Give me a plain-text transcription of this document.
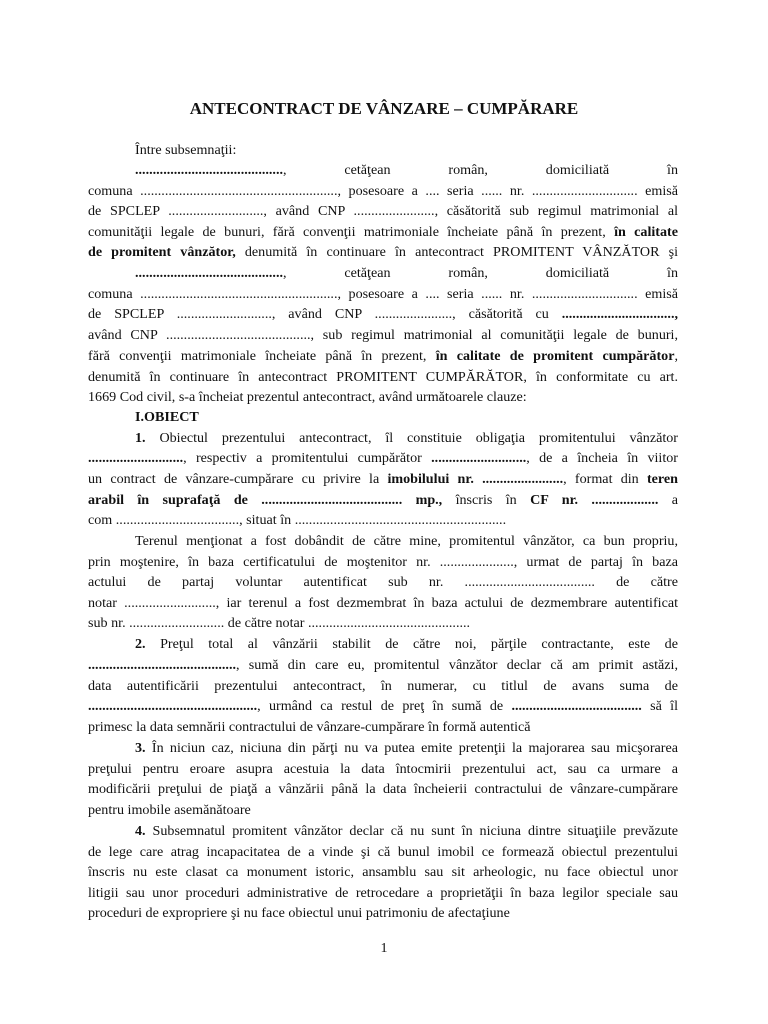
ANTECONTRACT DE VÂNZARE – CUMPĂRARE
Între subsemnaţii:
.........................................., cetăţean român, domiciliată în
comuna ........................................................, posesoare a .... seria ...... nr. .............................. emisă
de SPCLEP ..........................., având CNP ......................., căsătorită sub regimul matrimonial al
comunităţii legale de bunuri, fără convenţii matrimoniale încheiate până în prezent, în calitate
de promitent vânzător, denumită în continuare în antecontract PROMITENT VÂNZĂTOR şi
.........................................., cetăţean român, domiciliată în
comuna ........................................................, posesoare a .... seria ...... nr. .............................. emisă
de SPCLEP ..........................., având CNP ......................, căsătorită cu ................................,
având CNP ........................................., sub regimul matrimonial al comunităţii legale de bunuri,
fără convenţii matrimoniale încheiate până în prezent, în calitate de promitent cumpărător,
denumită în continuare în antecontract PROMITENT CUMPĂRĂTOR, în conformitate cu art.
1669 Cod civil, s-a încheiat prezentul antecontract, având următoarele clauze:
I.OBIECT
1. Obiectul prezentului antecontract, îl constituie obligaţia promitentului vânzător
..........................., respectiv a promitentului cumpărător ..........................., de a încheia în viitor
un contract de vânzare-cumpărare cu privire la imobilului nr. ......................., format din teren
arabil în suprafaţă de ........................................ mp., înscris în CF nr. ................... a
com ..................................., situat în ............................................................
Terenul menţionat a fost dobândit de către mine, promitentul vânzător, ca bun propriu,
prin moştenire, în baza certificatului de moştenitor nr. ....................., urmat de partaj în baza
actului de partaj voluntar autentificat sub nr. ..................................... de către
notar .........................., iar terenul a fost dezmembrat în baza actului de dezmembrare autentificat
sub nr. ........................... de către notar ..............................................
2. Preţul total al vânzării stabilit de către noi, părţile contractante, este de
.........................................., sumă din care eu, promitentul vânzător declar că am primit astăzi,
data autentificării prezentului antecontract, în numerar, cu titlul de avans suma de
................................................, urmând ca restul de preţ în sumă de ..................................... să îl
primesc la data semnării contractului de vânzare-cumpărare în formă autentică
3. În niciun caz, niciuna din părţi nu va putea emite pretenţii la majorarea sau micşorarea
preţului pentru eroare asupra acestuia la data întocmirii prezentului act, sau ca urmare a
modificării preţului de piaţă a vânzării până la data încheierii contractului de vânzare-cumpărare
pentru imobile asemănătoare
4. Subsemnatul promitent vânzător declar că nu sunt în niciuna dintre situaţiile prevăzute
de lege care atrag incapacitatea de a vinde şi că bunul imobil ce formează obiectul prezentului
înscris nu este clasat ca monument istoric, ansamblu sau sit arheologic, nu face obiectul unor
litigii sau unor proceduri administrative de retrocedare a proprietăţii în baza legilor speciale sau
proceduri de expropriere şi nu face obiectul unui patrimoniu de afectaţiune
1
